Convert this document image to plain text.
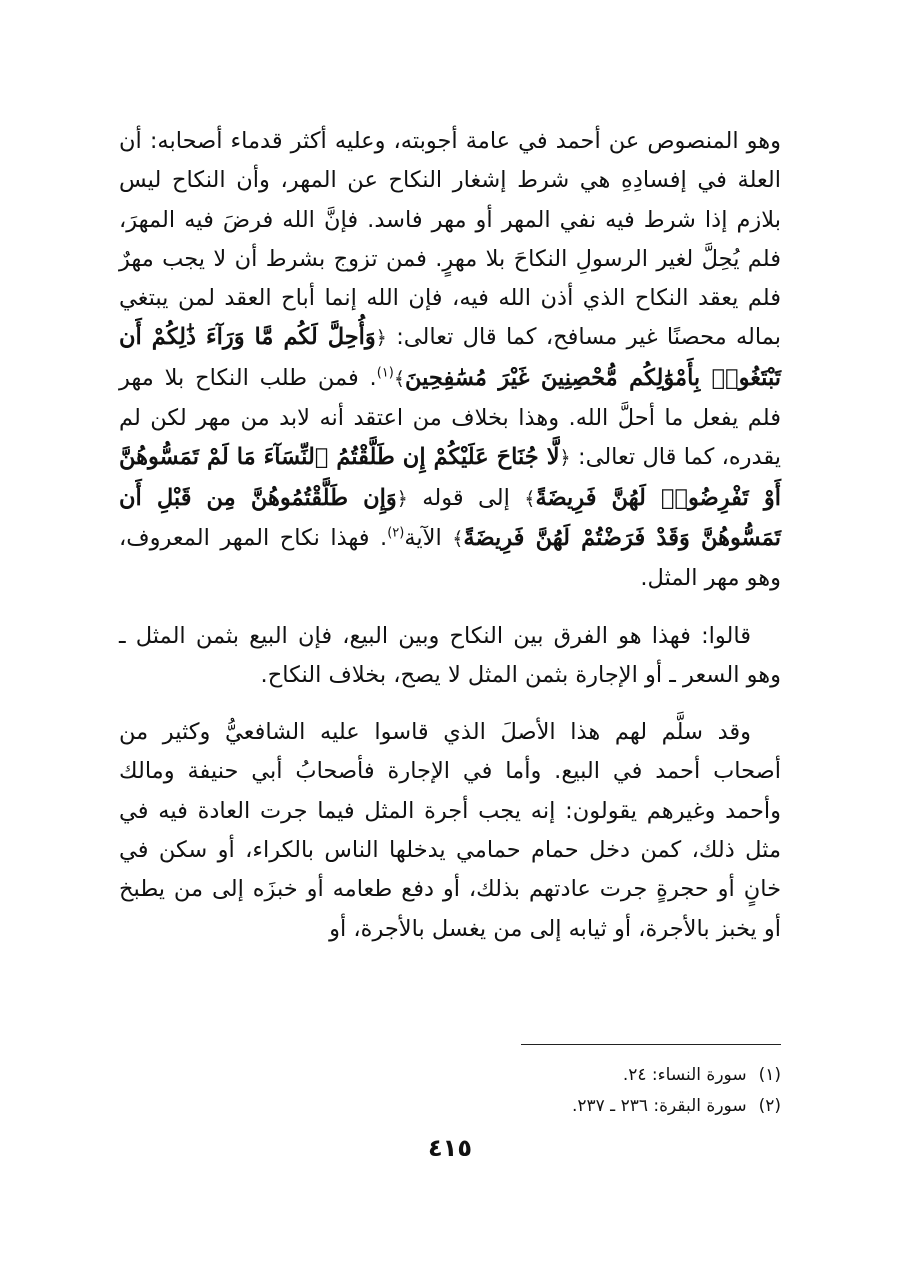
وهو المنصوص عن أحمد في عامة أجوبته، وعليه أكثر قدماء أصحابه: أن العلة في إفسادِهِ هي شرط إشغار النكاح عن المهر، وأن النكاح ليس بلازم إذا شرط فيه نفي المهر أو مهر فاسد. فإنَّ الله فرضَ فيه المهرَ، فلم يُحِلَّ لغير الرسولِ النكاحَ بلا مهرٍ. فمن تزوج بشرط أن لا يجب مهرٌ فلم يعقد النكاح الذي أذن الله فيه، فإن الله إنما أباح العقد لمن يبتغي بماله محصنًا غير مسافح، كما قال تعالى: ﴿وَأُحِلَّ لَكُم مَّا وَرَآءَ ذَٰلِكُمْ أَن تَبْتَغُوا۟ بِأَمْوَٰلِكُم مُّحْصِنِينَ غَيْرَ مُسَٰفِحِينَ﴾$^{(١)}$. فمن طلب النكاح بلا مهر فلم يفعل ما أحلَّ الله. وهذا بخلاف من اعتقد أنه لابد من مهر لكن لم يقدره، كما قال تعالى: ﴿لَّا جُنَاحَ عَلَيْكُمْ إِن طَلَّقْتُمُ ٱلنِّسَآءَ مَا لَمْ تَمَسُّوهُنَّ أَوْ تَفْرِضُوا۟ لَهُنَّ فَرِيضَةً﴾ إلى قوله ﴿وَإِن طَلَّقْتُمُوهُنَّ مِن قَبْلِ أَن تَمَسُّوهُنَّ وَقَدْ فَرَضْتُمْ لَهُنَّ فَرِيضَةً﴾ الآية$^{(٢)}$. فهذا نكاح المهر المعروف، وهو مهر المثل.

قالوا: فهذا هو الفرق بين النكاح وبين البيع، فإن البيع بثمن المثل ـ وهو السعر ـ أو الإجارة بثمن المثل لا يصح، بخلاف النكاح.

وقد سلَّم لهم هذا الأصلَ الذي قاسوا عليه الشافعيُّ وكثير من أصحاب أحمد في البيع. وأما في الإجارة فأصحابُ أبي حنيفة ومالك وأحمد وغيرهم يقولون: إنه يجب أجرة المثل فيما جرت العادة فيه في مثل ذلك، كمن دخل حمام حمامي يدخلها الناس بالكراء، أو سكن في خانٍ أو حجرةٍ جرت عادتهم بذلك، أو دفع طعامه أو خبزَه إلى من يطبخ أو يخبز بالأجرة، أو ثيابه إلى من يغسل بالأجرة، أو

(١)سورة النساء: ٢٤.

(٢)سورة البقرة: ٢٣٦ ـ ٢٣٧.

٤١٥
